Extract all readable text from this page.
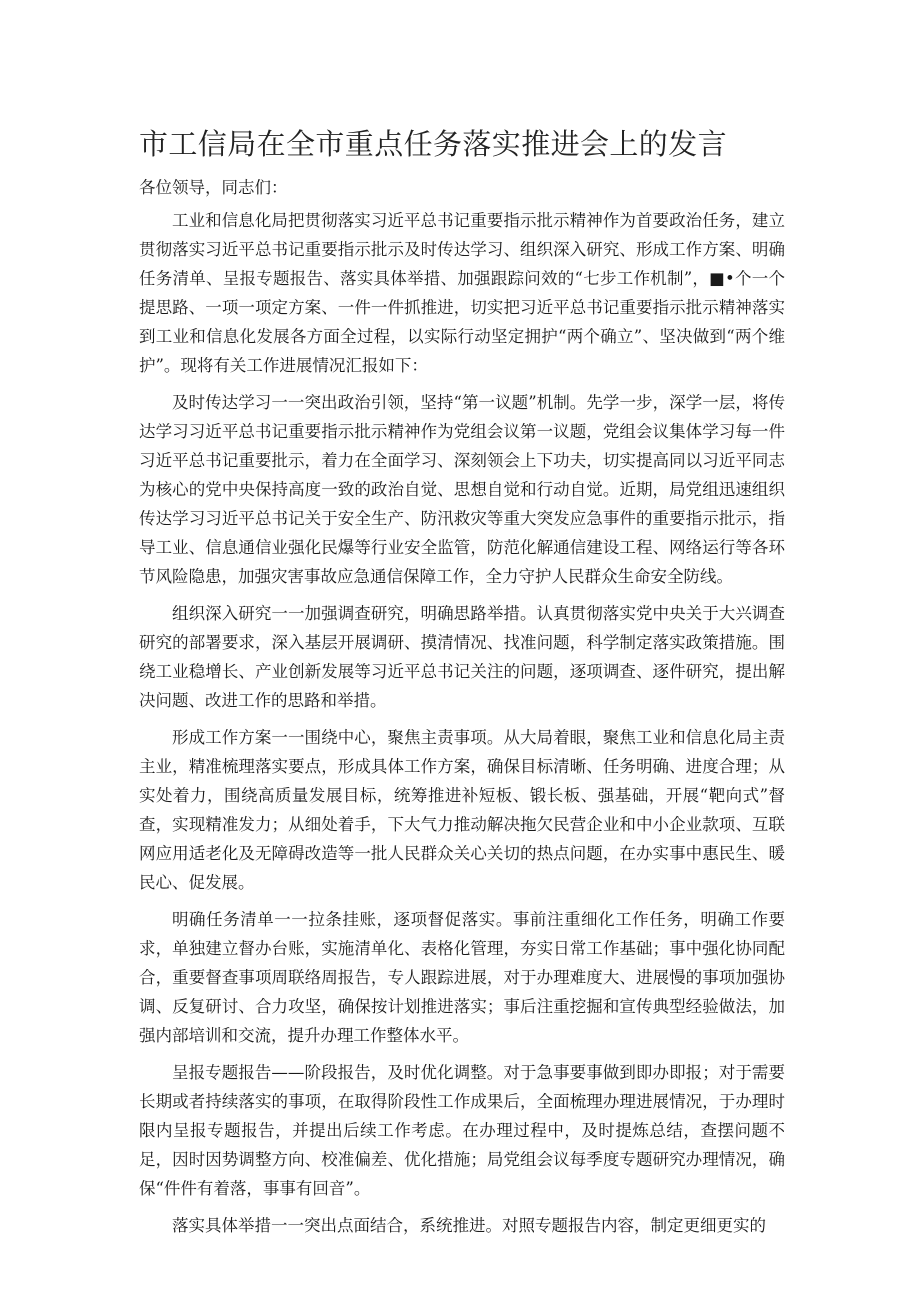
市工信局在全市重点任务落实推进会上的发言

各位领导，同志们：

工业和信息化局把贯彻落实习近平总书记重要指示批示精神作为首要政治任务，建立贯彻落实习近平总书记重要指示批示及时传达学习、组织深入研究、形成工作方案、明确任务清单、呈报专题报告、落实具体举措、加强跟踪问效的“七步工作机制”，■•个一个提思路、一项一项定方案、一件一件抓推进，切实把习近平总书记重要指示批示精神落实到工业和信息化发展各方面全过程，以实际行动坚定拥护“两个确立”、坚决做到“两个维护”。现将有关工作进展情况汇报如下：

及时传达学习一一突出政治引领，坚持“第一议题”机制。先学一步，深学一层，将传达学习习近平总书记重要指示批示精神作为党组会议第一议题，党组会议集体学习每一件习近平总书记重要批示，着力在全面学习、深刻领会上下功夫，切实提高同以习近平同志为核心的党中央保持高度一致的政治自觉、思想自觉和行动自觉。近期，局党组迅速组织传达学习习近平总书记关于安全生产、防汛救灾等重大突发应急事件的重要指示批示，指导工业、信息通信业强化民爆等行业安全监管，防范化解通信建设工程、网络运行等各环节风险隐患，加强灾害事故应急通信保障工作，全力守护人民群众生命安全防线。

组织深入研究一一加强调查研究，明确思路举措。认真贯彻落实党中央关于大兴调查研究的部署要求，深入基层开展调研、摸清情况、找准问题，科学制定落实政策措施。围绕工业稳增长、产业创新发展等习近平总书记关注的问题，逐项调查、逐件研究，提出解决问题、改进工作的思路和举措。

形成工作方案一一围绕中心，聚焦主责事项。从大局着眼，聚焦工业和信息化局主责主业，精准梳理落实要点，形成具体工作方案，确保目标清晰、任务明确、进度合理；从实处着力，围绕高质量发展目标，统筹推进补短板、锻长板、强基础，开展“靶向式”督查，实现精准发力；从细处着手，下大气力推动解决拖欠民营企业和中小企业款项、互联网应用适老化及无障碍改造等一批人民群众关心关切的热点问题，在办实事中惠民生、暖民心、促发展。

明确任务清单一一拉条挂账，逐项督促落实。事前注重细化工作任务，明确工作要求，单独建立督办台账，实施清单化、表格化管理，夯实日常工作基础；事中强化协同配合，重要督查事项周联络周报告，专人跟踪进展，对于办理难度大、进展慢的事项加强协调、反复研讨、合力攻坚，确保按计划推进落实；事后注重挖掘和宣传典型经验做法，加强内部培训和交流，提升办理工作整体水平。

呈报专题报告——阶段报告，及时优化调整。对于急事要事做到即办即报；对于需要长期或者持续落实的事项，在取得阶段性工作成果后，全面梳理办理进展情况，于办理时限内呈报专题报告，并提出后续工作考虑。在办理过程中，及时提炼总结，查摆问题不足，因时因势调整方向、校准偏差、优化措施；局党组会议每季度专题研究办理情况，确保“件件有着落，事事有回音”。

落实具体举措一一突出点面结合，系统推进。对照专题报告内容，制定更细更实的
